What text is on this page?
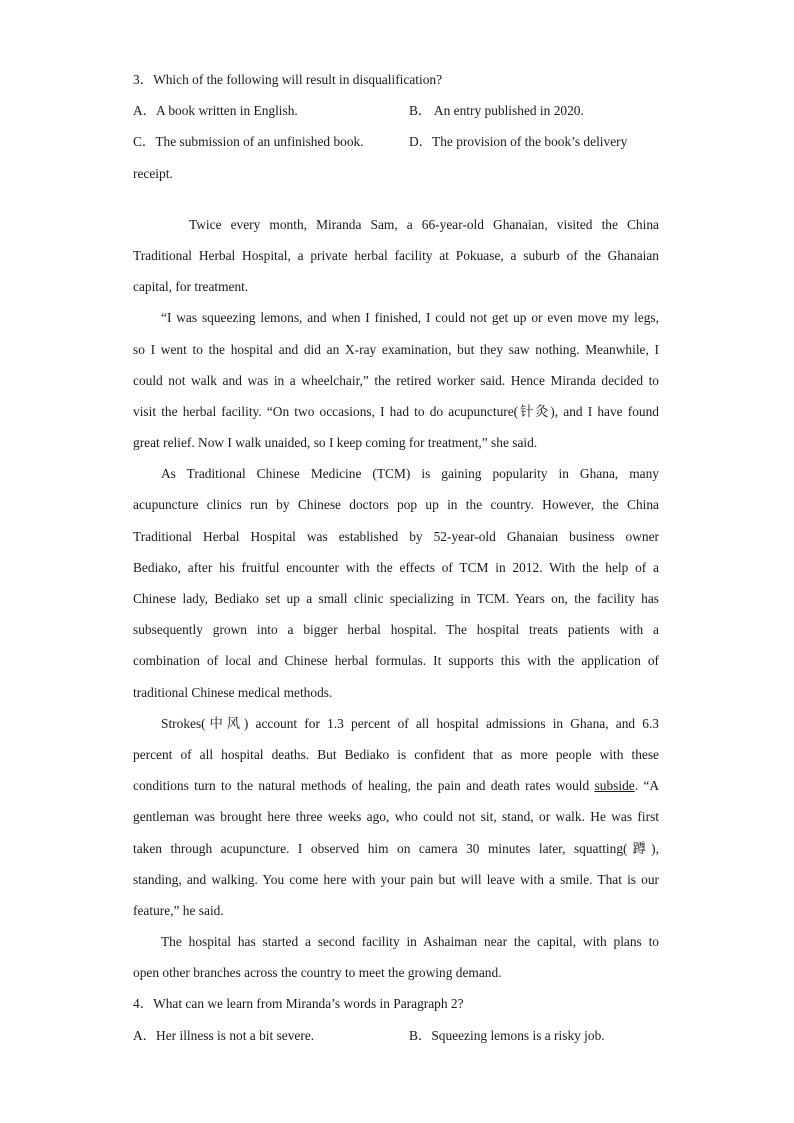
3．Which of the following will result in disqualification?
A．A book written in English.	B． An entry published in 2020.
C．The submission of an unfinished book.	D．The provision of the book’s delivery
receipt.
Twice every month, Miranda Sam, a 66-year-old Ghanaian, visited the China
Traditional Herbal Hospital, a private herbal facility at Pokuase, a suburb of the Ghanaian
capital, for treatment.
“I was squeezing lemons, and when I finished, I could not get up or even move my legs,
so I went to the hospital and did an X-ray examination, but they saw nothing. Meanwhile, I
could not walk and was in a wheelchair,” the retired worker said. Hence Miranda decided to
visit the herbal facility. “On two occasions, I had to do acupuncture(针灸), and I have found
great relief. Now I walk unaided, so I keep coming for treatment,” she said.
As Traditional Chinese Medicine (TCM) is gaining popularity in Ghana, many
acupuncture clinics run by Chinese doctors pop up in the country. However, the China
Traditional Herbal Hospital was established by 52-year-old Ghanaian business owner
Bediako, after his fruitful encounter with the effects of TCM in 2012. With the help of a
Chinese lady, Bediako set up a small clinic specializing in TCM. Years on, the facility has
subsequently grown into a bigger herbal hospital. The hospital treats patients with a
combination of local and Chinese herbal formulas. It supports this with the application of
traditional Chinese medical methods.
Strokes(中风) account for 1.3 percent of all hospital admissions in Ghana, and 6.3
percent of all hospital deaths. But Bediako is confident that as more people with these
conditions turn to the natural methods of healing, the pain and death rates would subside. “A
gentleman was brought here three weeks ago, who could not sit, stand, or walk. He was first
taken through acupuncture. I observed him on camera 30 minutes later, squatting(蹲),
standing, and walking. You come here with your pain but will leave with a smile. That is our
feature,” he said.
The hospital has started a second facility in Ashaiman near the capital, with plans to
open other branches across the country to meet the growing demand.
4．What can we learn from Miranda’s words in Paragraph 2?
A．Her illness is not a bit severe.	B．Squeezing lemons is a risky job.
